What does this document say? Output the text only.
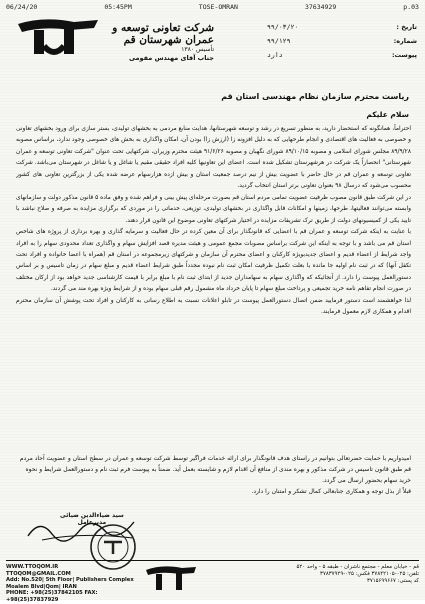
06/24/20	05:45PM	TOSE-OMRAN	37634929	p.03
شرکت تعاونی توسعه و عمران شهرستان قم
تأسیس ۱۳۸۰
جناب آقای مهندس مقومی
تاریخ :
۹۹/۰۳/۲۰
شماره:
۹۹/۱۲۹
پیوست:
دارد
ریاست محترم سازمان نظام مهندسی استان قم
سلام علیکم

احتراماً، همانگونه که استحضار دارید، به منظور تسریع در رشد و توسعه شهرستانها، هدایت منابع مردمی به بخشهای تولیدی، بستر سازی برای ورود بخشهای تعاونی و خصوصی به فعالیت های اقتصادی و انجام طرحهایی که به دلیل افزونه زا (ارزش زا) بودن آن، امکان واگذاری به بخش های خصوصی وجود ندارد، براساس مصوبه ۸۹/۹/۲۸ مجلس شورای اسلامی و مصوبه ۸۹/۱۰/۱۵ شورای نگهبان و مصوبه ۹۱/۶/۲۶ هیئت محترم وزیران، شرکتهایی تحت عنوان "شرکت تعاونی توسعه و عمران شهرستانی" انحصاراً یک شرکت در هرشهرستان تشکیل شده است. اعضای این تعاونیها کلیه افراد حقیقی مقیم یا شاغل و یا شاغل در شهرستان می‌باشد. شرکت تعاونی توسعه و عمران قم در حال حاضر با عضویت بیش از نیم درصد جمعیت استان و بیش ازده هزارسهام عرضه شده یکی از بزرگترین تعاونی های کشور محسوب می‌شود که درسال ۹۸ بعنوان تعاونی برتر استان انتخاب گردید.

در این شرکت طبق قانون مصوب ظرفیت عضویت تمامی مردم استان قم بصورت مرحله‌ای پیش بینی و فراهم شده و وفق ماده ۵ قانون مذکور دولت و سازمانهای وابسته می‌توانند فعالیتها، طرحها، زمینها و امکانات قابل واگذاری در بخشهای تولیدی، توزیعی، خدماتی را در موردی که برگزاری مزایده به صرفه و صلاح نباشد با تایید یکی از کمیسیونهای دولت از طریق ترک تشریفات مزایده در اختیار شرکتهای تعاونی موضوع این قانون قرار دهند.

با عنایت به اینکه شرکت توسعه و عمران قم با اعضایی که قانونگذار برای آن معین کرده در حال فعالیت و سرمایه گذاری و بهره برداری از پروژه های شاخص استان قم می باشد و با توجه به اینکه این شرکت براساس مصوبات مجمع عمومی و هیئت مدیره قصد افزایش سهام و واگذاری تعداد محدودی سهام را به افراد واجد شرایط از اعضاء قدیم و اعضای جدیدبویژه کارکنان و اعضای محترم آن سازمان و شرکتهای زیرمجموعه در استان قم (همراه با اعضا خانواده و افراد تحت تکفل آنها) که در ثبت نام اولیه جا مانده یا بعلت تکمیل ظرفیت امکان ثبت نام نبوده مجدداً طبق شرایط اعضاء قدیم و مبلغ سهام در زمان تاسیس و بر اساس دستورالعمل پیوست را دارد. از آنجائیکه که واگذاری سهام به سهامداران جدید از ابتدای ثبت نام با مبلغ برابر با قیمت کارشناسی جدید خواهد بود از ارکان مختلف در صورت انجام تفاهم نامه خرید تجمیعی و پرداخت مبلغ سهام تا پایان خرداد ماه مشمول رقم قبلی سهام بوده و از شرایط ویژه بهره مند می گردند.

لذا خواهشمند است دستور فرمایید ضمن اتصال دستورالعمل پیوست در تابلو اعلانات نسبت به اطلاع رسانی به کارکنان و افراد تحت پوشش آن سازمان محترم اقدام و همکاری لازم معمول فرمایند.

امیدواریم با حمایت حضرتعالی بتوانیم در راستای هدف قانونگذار برای ارائه خدمات فراگیر توسط شرکت توسعه و عمران در سطح استان و عضویت آحاد مردم قم طبق قانون تاسیس در شرکت مذکور و بهره مندی از منافع آن اقدام لازم و شایسته بعمل آید. ضمناً به پیوست فرم ثبت نام و دستورالعمل شرایط و نحوه خرید سهام بحضور ارسال می گردد.

قبلاً از بذل توجه و همکاری جنابعالی کمال تشکر و امتنان را دارد.

سید ضیاءالدین ضیائی
مدیرعامل
WWW.TTOQOM.IR
TTOQOM@GMAIL.COM
Add: No.520| 5th Floor| Publishers Complex
Moalem Blvd|Qom| IRAN
PHONE: +98(25)37842105 FAX: +98(25)37837929
قم - خیابان معلم - مجتمع ناشران - طبقه ۵ - واحد ۵۲۰
تلفن: ۰۲۵-۳۷۸۴۲۱۰۵ فکس: ۰۲۵-۳۷۸۳۷۹۲۹
کد پستی: ۳۷۱۵۶۹۹۶۶۷
